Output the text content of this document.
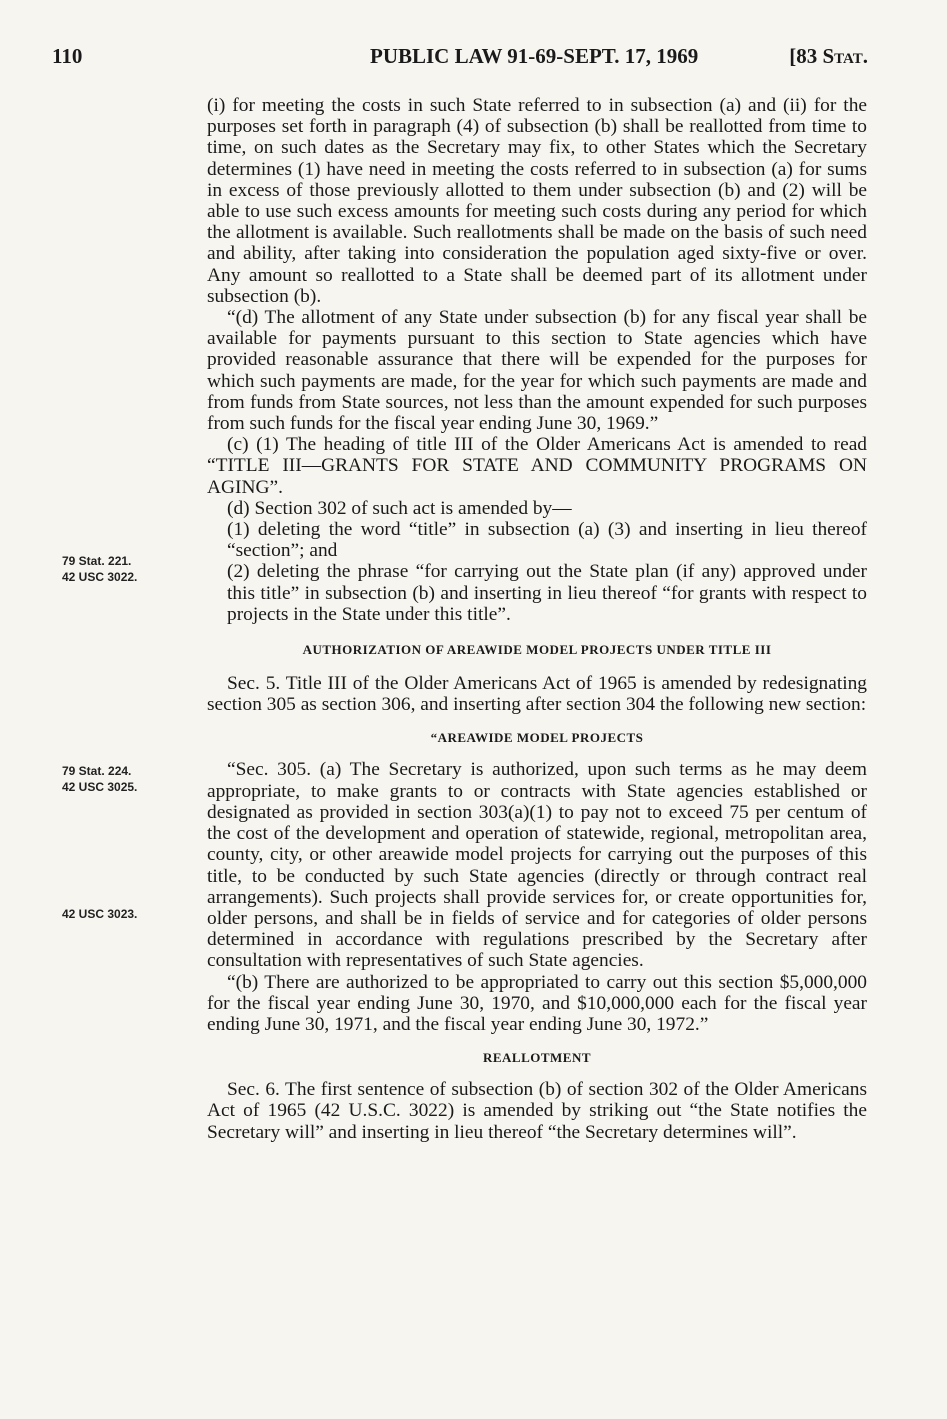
110	PUBLIC LAW 91-69-SEPT. 17, 1969	[83 Stat.
79 Stat. 221.
42 USC 3022.
79 Stat. 224.
42 USC 3025.
42 USC 3023.

(i) for meeting the costs in such State referred to in subsection (a) and (ii) for the purposes set forth in paragraph (4) of subsection (b) shall be reallotted from time to time, on such dates as the Secretary may fix, to other States which the Secretary determines (1) have need in meeting the costs referred to in subsection (a) for sums in excess of those previously allotted to them under subsection (b) and (2) will be able to use such excess amounts for meeting such costs during any period for which the allotment is available. Such reallotments shall be made on the basis of such need and ability, after taking into consideration the population aged sixty-five or over. Any amount so reallotted to a State shall be deemed part of its allotment under subsection (b).

“(d) The allotment of any State under subsection (b) for any fiscal year shall be available for payments pursuant to this section to State agencies which have provided reasonable assurance that there will be expended for the purposes for which such payments are made, for the year for which such payments are made and from funds from State sources, not less than the amount expended for such purposes from such funds for the fiscal year ending June 30, 1969.”

(c) (1) The heading of title III of the Older Americans Act is amended to read “TITLE III—GRANTS FOR STATE AND COMMUNITY PROGRAMS ON AGING”.

(d) Section 302 of such act is amended by—

(1) deleting the word “title” in subsection (a) (3) and inserting in lieu thereof “section”; and

(2) deleting the phrase “for carrying out the State plan (if any) approved under this title” in subsection (b) and inserting in lieu thereof “for grants with respect to projects in the State under this title”.

AUTHORIZATION OF AREAWIDE MODEL PROJECTS UNDER TITLE III

Sec. 5. Title III of the Older Americans Act of 1965 is amended by redesignating section 305 as section 306, and inserting after section 304 the following new section:

“AREAWIDE MODEL PROJECTS

“Sec. 305. (a) The Secretary is authorized, upon such terms as he may deem appropriate, to make grants to or contracts with State agencies established or designated as provided in section 303(a)(1) to pay not to exceed 75 per centum of the cost of the development and operation of statewide, regional, metropolitan area, county, city, or other areawide model projects for carrying out the purposes of this title, to be conducted by such State agencies (directly or through contract real arrangements). Such projects shall provide services for, or create opportunities for, older persons, and shall be in fields of service and for categories of older persons determined in accordance with regulations prescribed by the Secretary after consultation with representatives of such State agencies.

“(b) There are authorized to be appropriated to carry out this section $5,000,000 for the fiscal year ending June 30, 1970, and $10,000,000 each for the fiscal year ending June 30, 1971, and the fiscal year ending June 30, 1972.”

REALLOTMENT

Sec. 6. The first sentence of subsection (b) of section 302 of the Older Americans Act of 1965 (42 U.S.C. 3022) is amended by striking out “the State notifies the Secretary will” and inserting in lieu thereof “the Secretary determines will”.
